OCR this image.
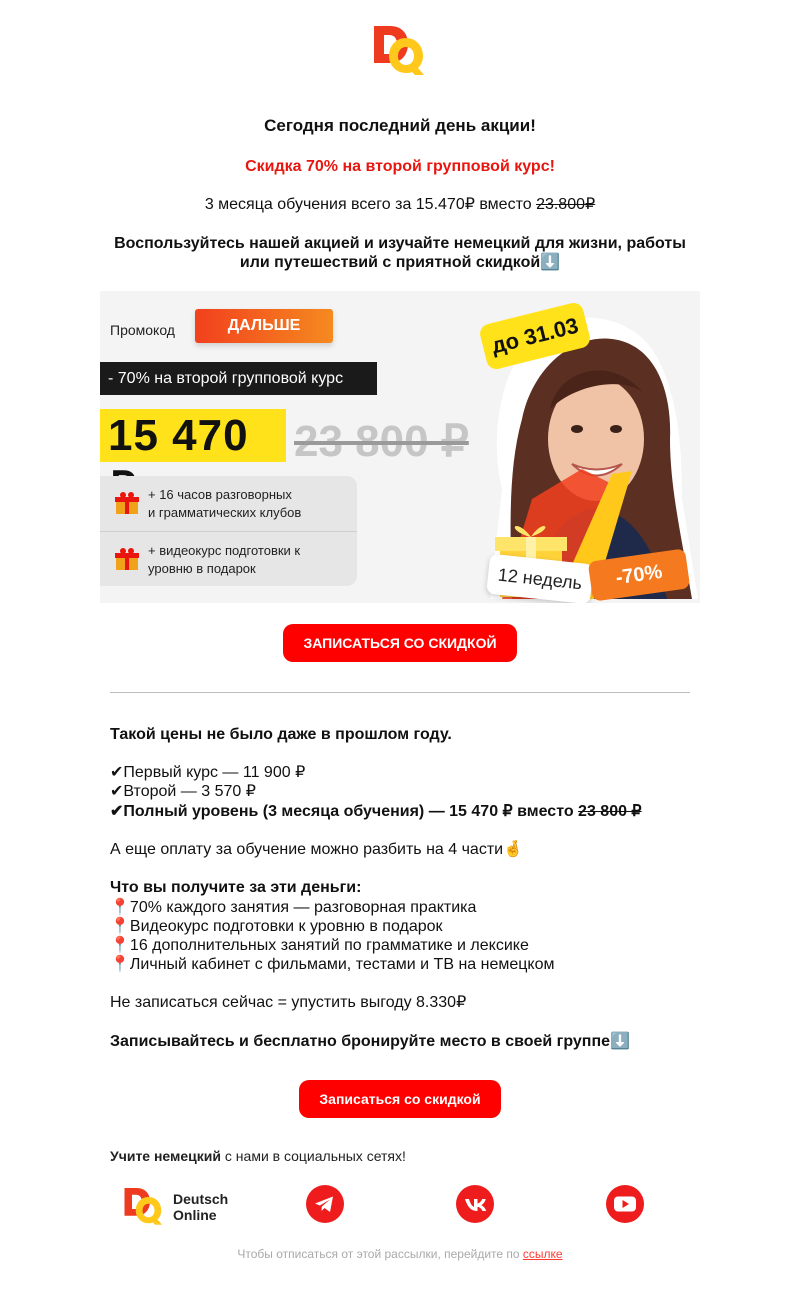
Сегодня последний день акции!
Скидка 70% на второй групповой курс!
3 месяца обучения всего за 15.470₽ вместо 23.800₽
Воспользуйтесь нашей акцией и изучайте немецкий для жизни, работы
или путешествий с приятной скидкой⬇️
Промокод	ДАЛЬШЕ
- 70% на второй групповой курс
15 470	23 800 ₽
+ 16 часов разговорных
и грамматических клубов
+ видеокурс подготовки к
уровню в подарок
до 31.03
12 недель	-70%
ЗАПИСАТЬСЯ СО СКИДКОЙ
Такой цены не было даже в прошлом году.
✔Первый курс — 11 900 ₽
✔Второй — 3 570 ₽
✔Полный уровень (3 месяца обучения) — 15 470 ₽ вместо 23 800 ₽
А еще оплату за обучение можно разбить на 4 части🤞
Что вы получите за эти деньги:
📍70% каждого занятия — разговорная практика
📍Видеокурс подготовки к уровню в подарок
📍16 дополнительных занятий по грамматике и лексике
📍Личный кабинет с фильмами, тестами и ТВ на немецком
Не записаться сейчас = упустить выгоду 8.330₽
Записывайтесь и бесплатно бронируйте место в своей группе⬇️
Записаться со скидкой
Учите немецкий с нами в социальных сетях!
Deutsch
Online
Чтобы отписаться от этой рассылки, перейдите по ссылке
